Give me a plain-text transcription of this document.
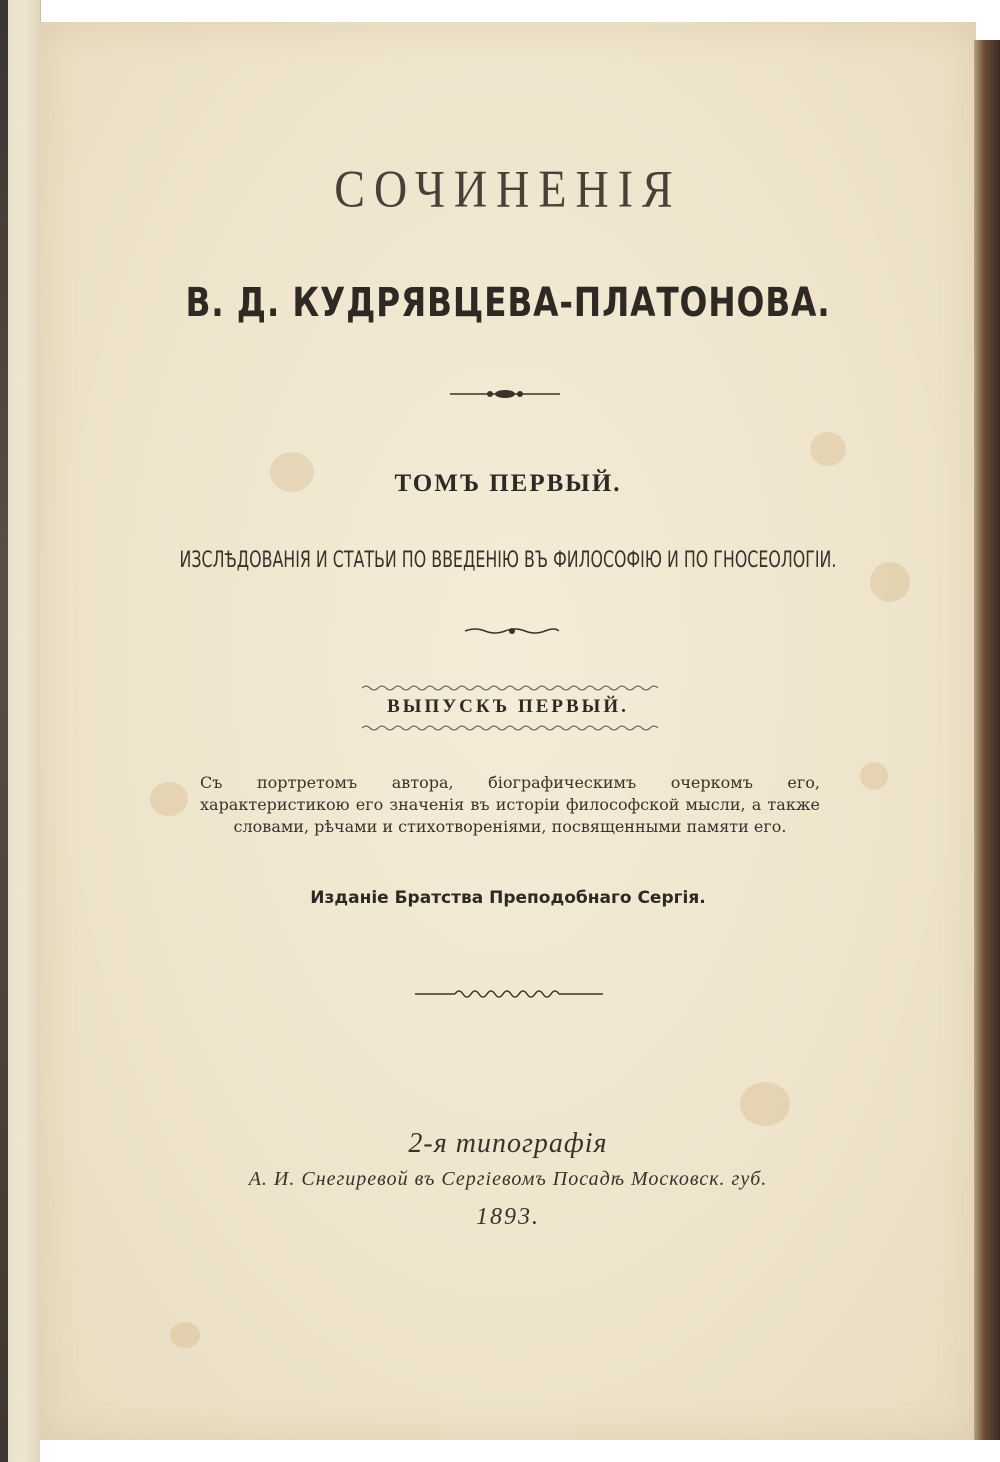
СОЧИНЕНІЯ
В. Д. КУДРЯВЦЕВА-ПЛАТОНОВА.
ТОМЪ ПЕРВЫЙ.
ИЗСЛѢДОВАНІЯ И СТАТЬИ ПО ВВЕДЕНІЮ ВЪ ФИЛОСОФІЮ И ПО ГНОСЕОЛОГІИ.
ВЫПУСКЪ ПЕРВЫЙ.
Съ портретомъ автора, біографическимъ очеркомъ его, характеристикою его значенія въ исторіи философской мысли, а также словами, рѣчами и стихотвореніями, посвященными памяти его.
Изданіе Братства Преподобнаго Сергія.
2-я типографія
А. И. Снегиревой въ Сергіевомъ Посадѣ Московск. губ.
1893.
